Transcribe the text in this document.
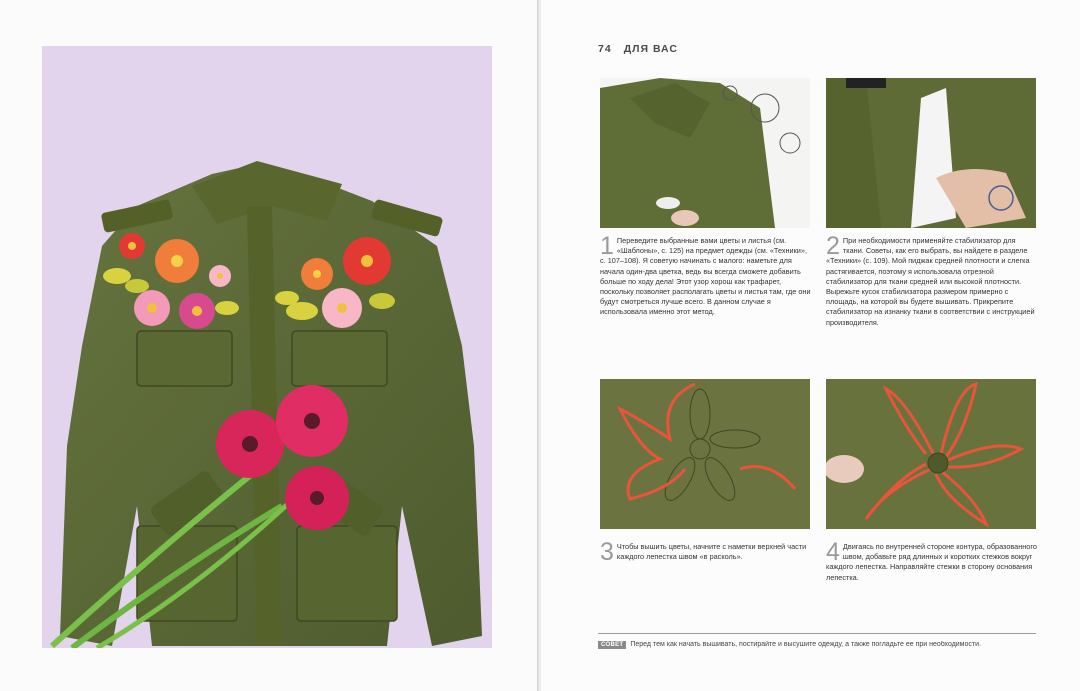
74 ДЛЯ ВАС
1 Переведите выбранные вами цветы и листья (см. «Шаблоны», с. 125) на предмет одежды (см. «Техники», с. 107–108). Я советую начинать с малого: наметьте для начала один-два цветка, ведь вы всегда сможете добавить больше по ходу дела! Этот узор хорош как трафарет, поскольку позволяет располагать цветы и листья там, где они будут смотреться лучше всего. В данном случае я использовала именно этот метод.
2 При необходимости применяйте стабилизатор для ткани. Советы, как его выбрать, вы найдете в разделе «Техники» (с. 109). Мой пиджак средней плотности и слегка растягивается, поэтому я использовала отрезной стабилизатор для ткани средней или высокой плотности. Вырежьте кусок стабилизатора размером примерно с площадь, на которой вы будете вышивать. Прикрепите стабилизатор на изнанку ткани в соответствии с инструкцией производителя.
3 Чтобы вышить цветы, начните с наметки верхней части каждого лепестка швом «в расколь».	4 Двигаясь по внутренней стороне контура, образованного швом, добавьте ряд длинных и коротких стежков вокруг каждого лепестка. Направляйте стежки в сторону основания лепестка.
СОВЕТ Перед тем как начать вышивать, постирайте и высушите одежду, а также погладьте ее при необходимости.
